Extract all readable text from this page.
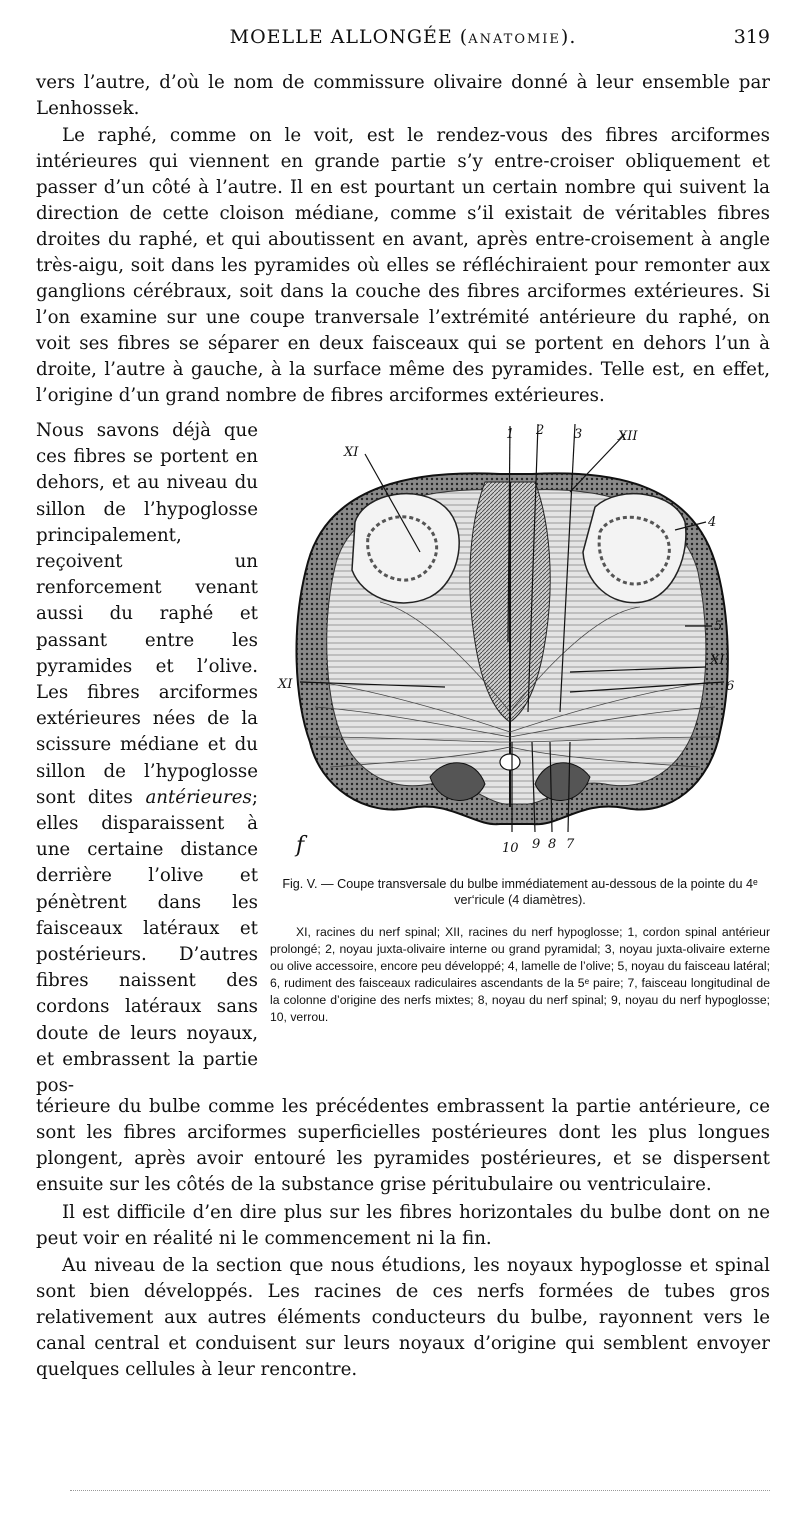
MOELLE ALLONGÉE (ANATOMIE).	319

vers l’autre, d’où le nom de commissure olivaire donné à leur ensemble par Lenhossek.

Le raphé, comme on le voit, est le rendez-vous des fibres arciformes intérieures qui viennent en grande partie s’y entre-croiser obliquement et passer d’un côté à l’autre. Il en est pourtant un certain nombre qui suivent la direction de cette cloison médiane, comme s’il existait de véritables fibres droites du raphé, et qui aboutissent en avant, après entre-croisement à angle très-aigu, soit dans les pyramides où elles se réfléchiraient pour remonter aux ganglions cérébraux, soit dans la couche des fibres arciformes extérieures. Si l’on examine sur une coupe tranversale l’extrémité antérieure du raphé, on voit ses fibres se séparer en deux faisceaux qui se portent en dehors l’un à droite, l’autre à gauche, à la surface même des pyramides. Telle est, en effet, l’origine d’un grand nombre de fibres arciformes extérieures.

Nous savons déjà que ces fibres se portent en dehors, et au niveau du sillon de l’hypoglosse principalement, reçoivent un renforcement venant aussi du raphé et passant entre les pyramides et l’olive. Les fibres arciformes extérieures nées de la scissure médiane et du sillon de l’hypoglosse sont dites antérieures; elles disparaissent à une certaine distance derrière l’olive et pénètrent dans les faisceaux latéraux et postérieurs. D’autres fibres naissent des cordons latéraux sans doute de leurs noyaux, et embrassent la partie pos-

térieure du bulbe comme les précédentes embrassent la partie antérieure, ce sont les fibres arciformes superficielles postérieures dont les plus longues plongent, après avoir entouré les pyramides postérieures, et se dispersent ensuite sur les côtés de la substance grise péritubulaire ou ventriculaire.

Il est difficile d’en dire plus sur les fibres horizontales du bulbe dont on ne peut voir en réalité ni le commencement ni la fin.

Au niveau de la section que nous étudions, les noyaux hypoglosse et spinal sont bien développés. Les racines de ces nerfs formées de tubes gros relativement aux autres éléments conducteurs du bulbe, rayonnent vers le canal central et conduisent sur leurs noyaux d’origine qui semblent envoyer quelques cellules à leur rencontre.

XI
XII
1 2 3
4
5
XI
6
XI
10 9 8 7
f
Fig. V. — Coupe transversale du bulbe immédiatement au-dessous de la pointe du 4ᵉ ver‘ricule (4 diamètres).
XI, racines du nerf spinal; XII, racines du nerf hypoglosse; 1, cordon spinal antérieur prolongé; 2, noyau juxta-olivaire interne ou grand pyramidal; 3, noyau juxta-olivaire externe ou olive accessoire, encore peu développé; 4, lamelle de l’olive; 5, noyau du faisceau latéral; 6, rudiment des faisceaux radiculaires ascendants de la 5ᵉ paire; 7, faisceau longitudinal de la colonne d’origine des nerfs mixtes; 8, noyau du nerf spinal; 9, noyau du nerf hypoglosse; 10, verrou.
